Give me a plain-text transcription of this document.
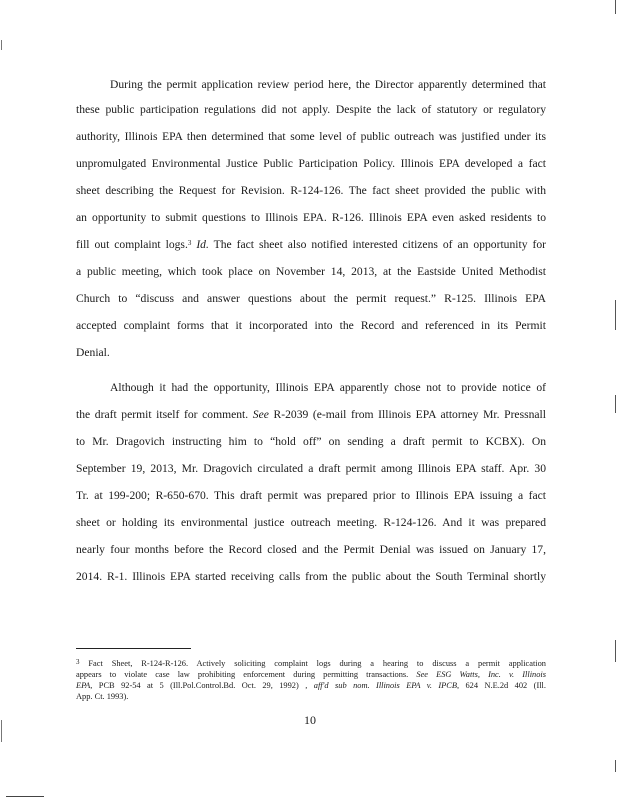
During the permit application review period here, the Director apparently determined that
these public participation regulations did not apply. Despite the lack of statutory or regulatory
authority, Illinois EPA then determined that some level of public outreach was justified under its
unpromulgated Environmental Justice Public Participation Policy. Illinois EPA developed a fact
sheet describing the Request for Revision. R-124-126. The fact sheet provided the public with
an opportunity to submit questions to Illinois EPA. R-126. Illinois EPA even asked residents to
fill out complaint logs.$^3$ Id. The fact sheet also notified interested citizens of an opportunity for
a public meeting, which took place on November 14, 2013, at the Eastside United Methodist
Church to “discuss and answer questions about the permit request.” R-125. Illinois EPA
accepted complaint forms that it incorporated into the Record and referenced in its Permit
Denial.
Although it had the opportunity, Illinois EPA apparently chose not to provide notice of
the draft permit itself for comment. See R-2039 (e-mail from Illinois EPA attorney Mr. Pressnall
to Mr. Dragovich instructing him to “hold off” on sending a draft permit to KCBX). On
September 19, 2013, Mr. Dragovich circulated a draft permit among Illinois EPA staff. Apr. 30
Tr. at 199-200; R-650-670. This draft permit was prepared prior to Illinois EPA issuing a fact
sheet or holding its environmental justice outreach meeting. R-124-126. And it was prepared
nearly four months before the Record closed and the Permit Denial was issued on January 17,
2014. R-1. Illinois EPA started receiving calls from the public about the South Terminal shortly
$^3$ Fact Sheet, R-124-R-126. Actively soliciting complaint logs during a hearing to discuss a permit application
appears to violate case law prohibiting enforcement during permitting transactions. See ESG Watts, Inc. v. Illinois
EPA, PCB 92-54 at 5 (Ill.Pol.Control.Bd. Oct. 29, 1992) , aff'd sub nom. Illinois EPA v. IPCB, 624 N.E.2d 402 (Ill.
App. Ct. 1993).
10
